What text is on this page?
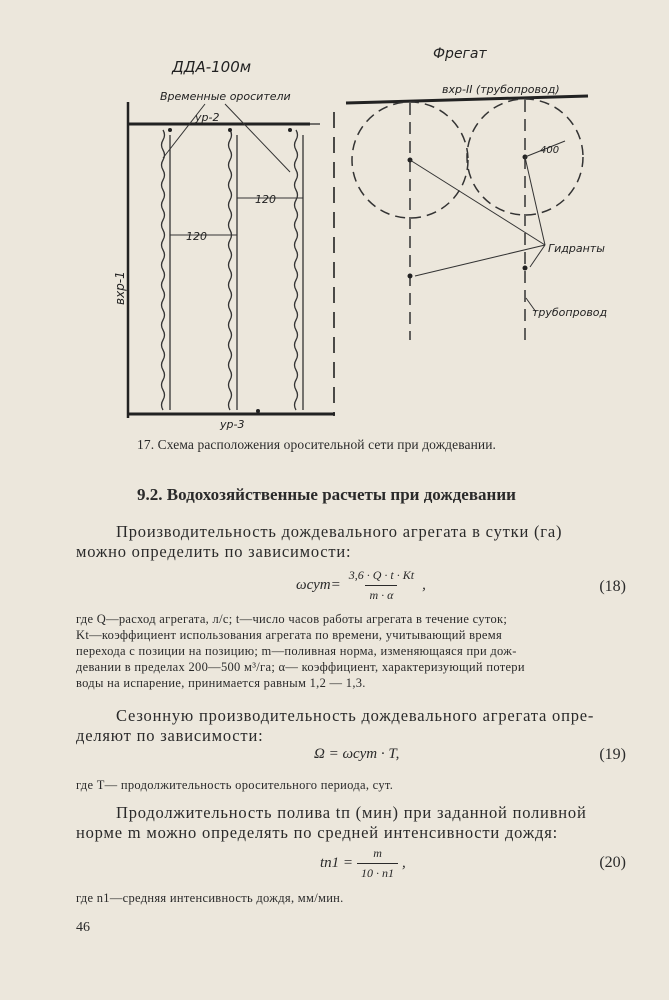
ДДА-100м
Временные оросители
ур-2
120
120
вхр-1
ур-3
Фрегат
вхр-II (трубопровод)
400
Гидранты
трубопровод
17. Схема расположения оросительной сети при дождевании.
9.2. Водохозяйственные расчеты при дождевании
Производительность дождевального агрегата в сутки (га)
можно определить по зависимости:
$\omega сут= \frac{3,6 \cdot Q \cdot t \cdot Kt}{m \cdot \alpha}$ ,	(18)
где Q—расход агрегата, л/с; t—число часов работы агрегата в течение суток;
Kt—коэффициент использования агрегата по времени, учитывающий время
перехода с позиции на позицию; m—поливная норма, изменяющаяся при дож-
девании в пределах 200—500 м³/га; α— коэффициент, характеризующий потери
воды на испарение, принимается равным 1,2 — 1,3.
Сезонную производительность дождевального агрегата опре-
деляют по зависимости:
Ω = ωсут · T,	(19)
где T— продолжительность оросительного периода, сут.
Продолжительность полива tп (мин) при заданной поливной
норме m можно определять по средней интенсивности дождя:
$tn1 = \frac{m}{10 \cdot n1}$ ,	(20)
где n1—средняя интенсивность дождя, мм/мин.
46
